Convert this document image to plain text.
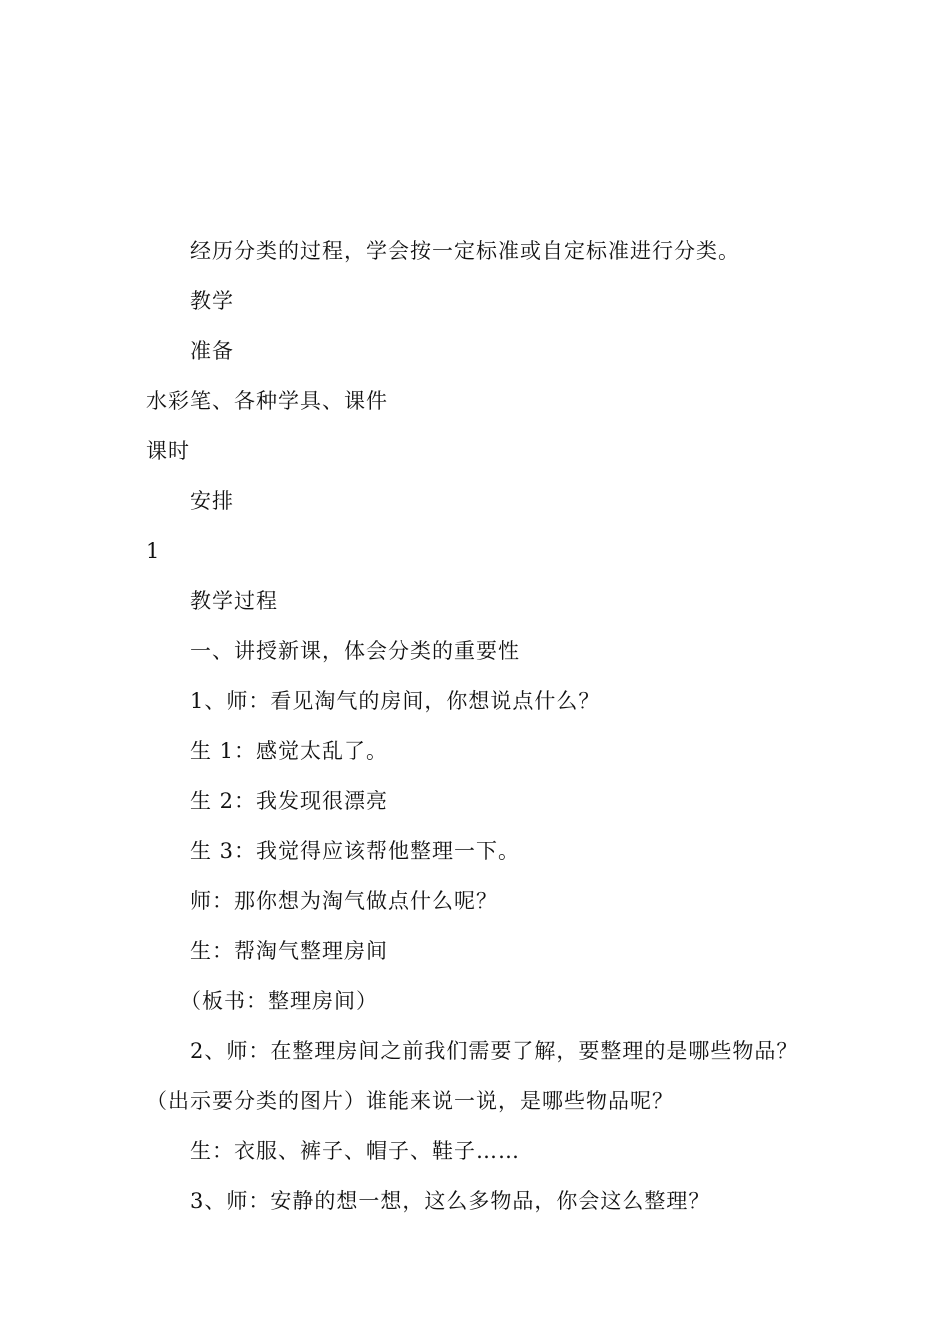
经历分类的过程，学会按一定标准或自定标准进行分类。
教学
准备
水彩笔、各种学具、课件
课时
安排
1
教学过程
一、讲授新课，体会分类的重要性
1、师：看见淘气的房间，你想说点什么？
生 1：感觉太乱了。
生 2：我发现很漂亮
生 3：我觉得应该帮他整理一下。
师：那你想为淘气做点什么呢？
生：帮淘气整理房间
（板书：整理房间）
2、师：在整理房间之前我们需要了解，要整理的是哪些物品？
（出示要分类的图片）谁能来说一说，是哪些物品呢？
生：衣服、裤子、帽子、鞋子……
3、师：安静的想一想，这么多物品，你会这么整理？
